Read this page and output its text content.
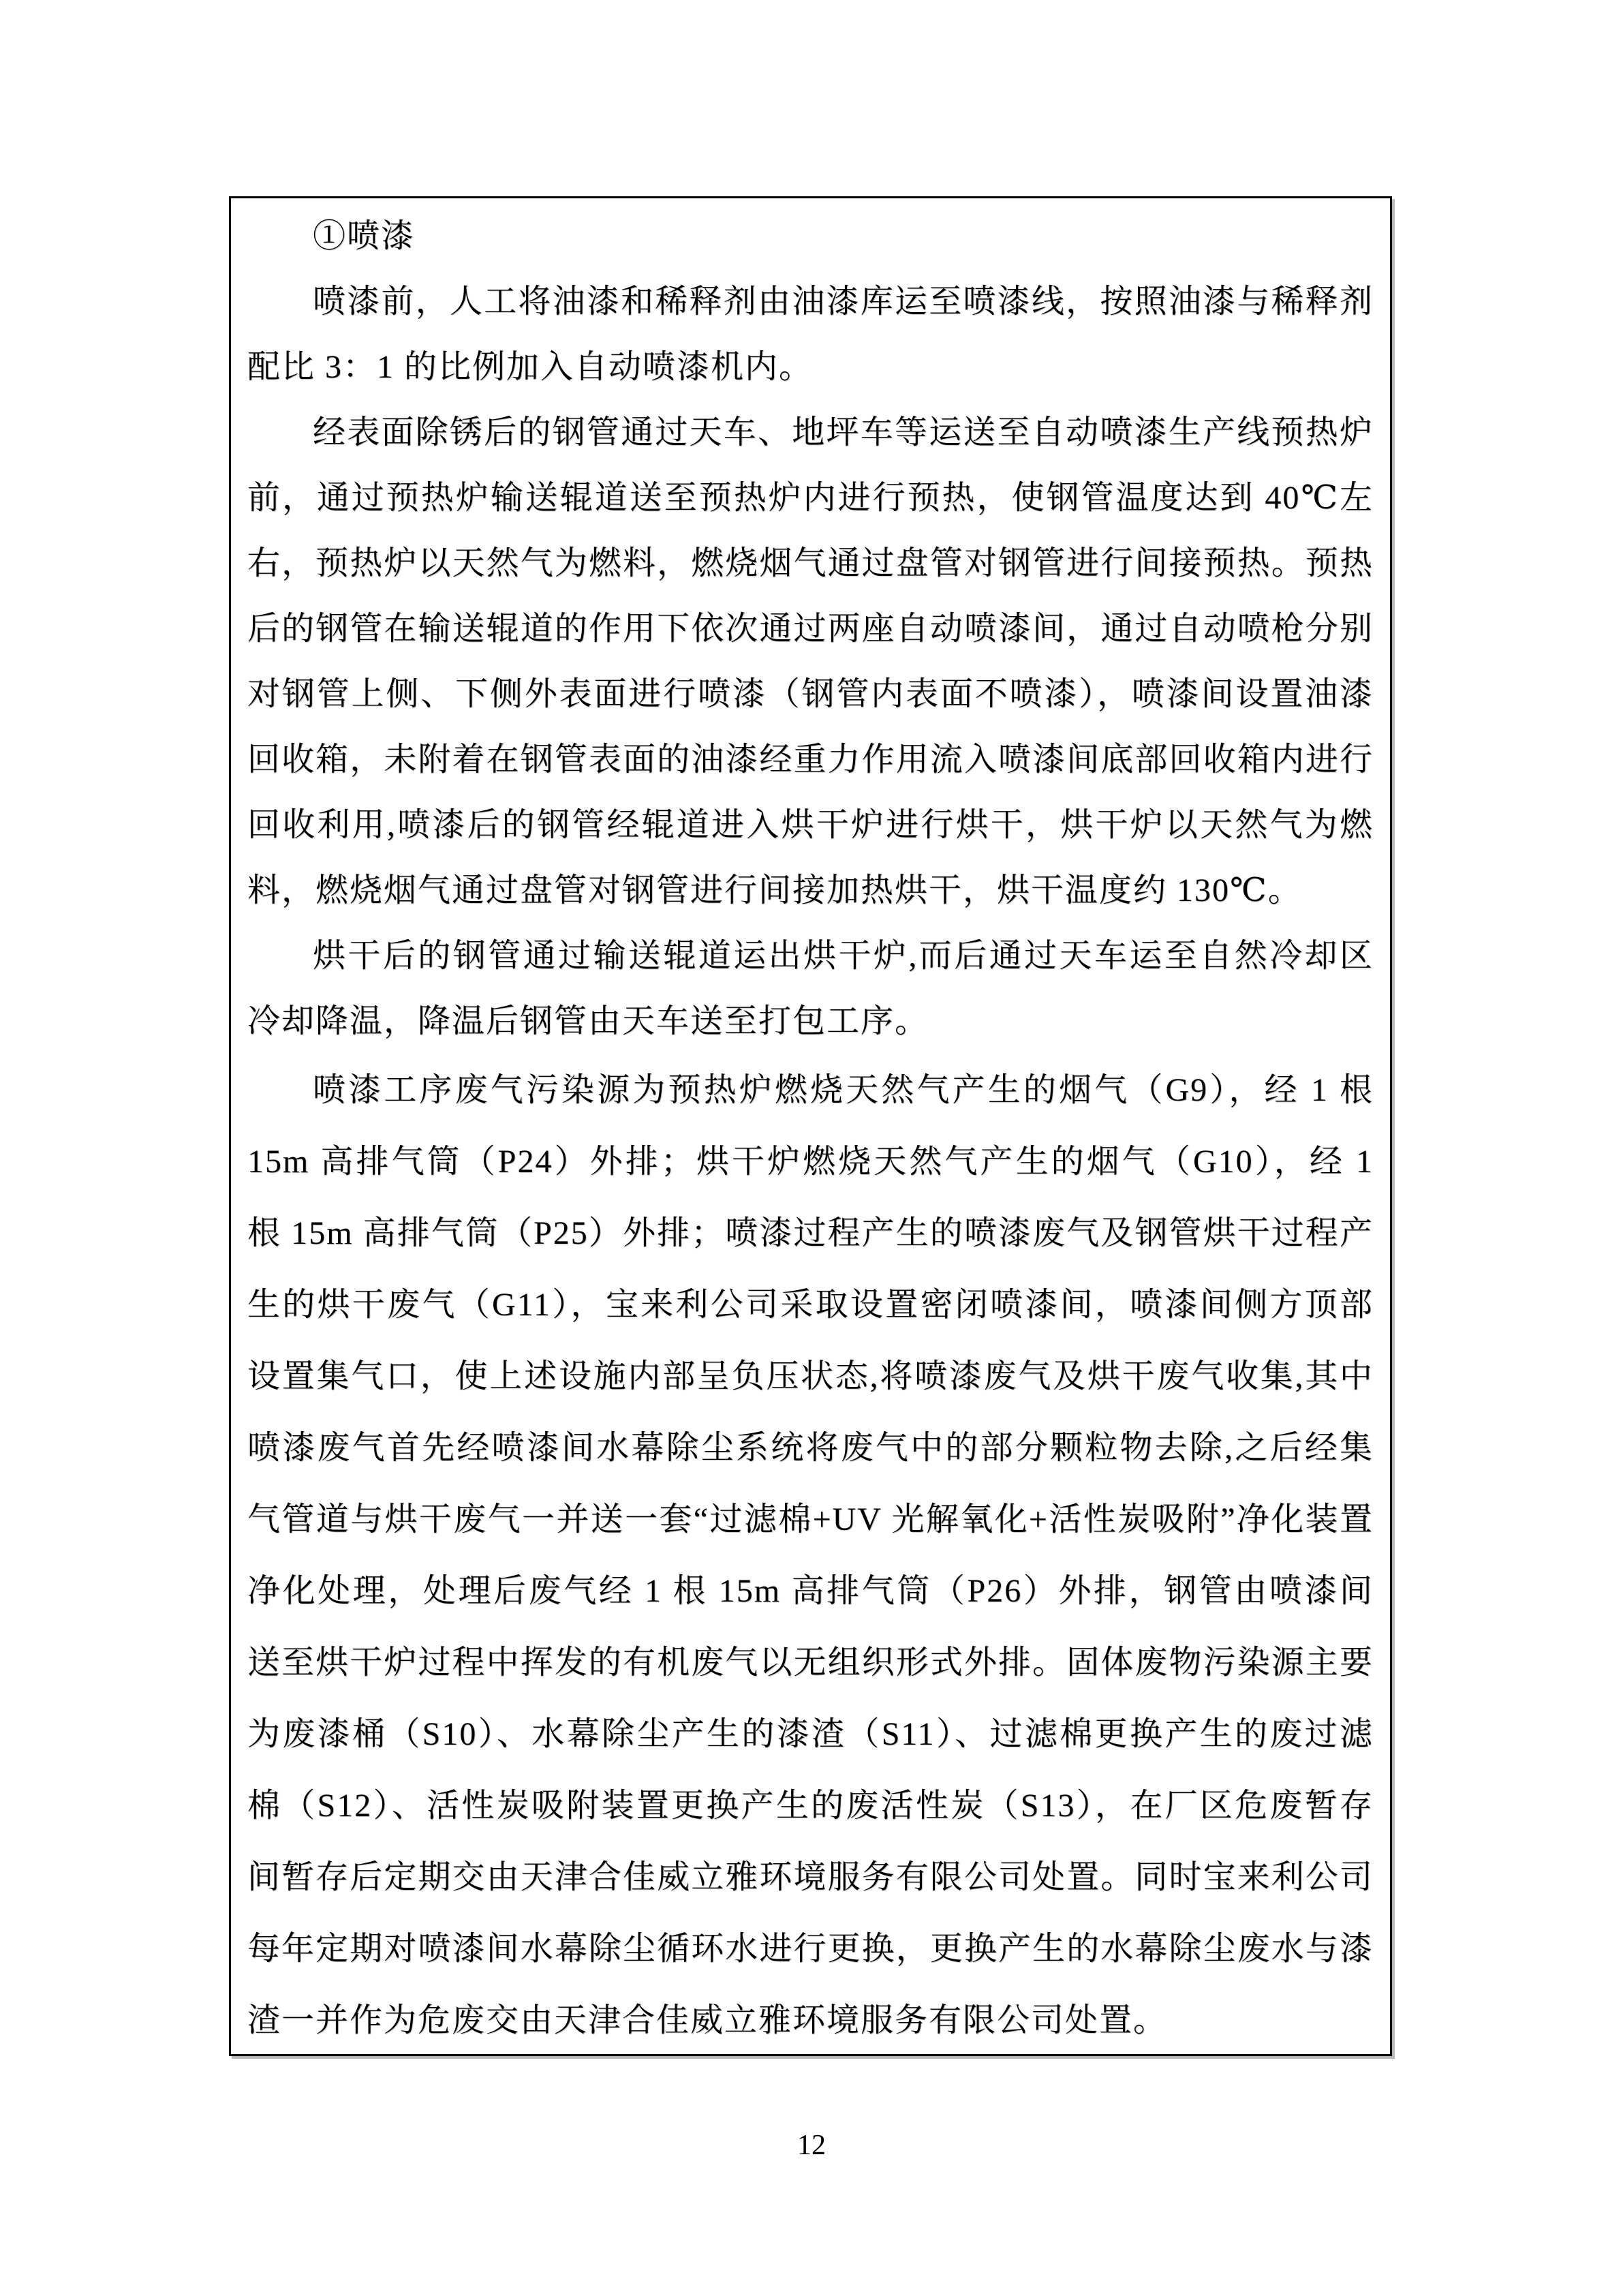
①喷漆

喷漆前，人工将油漆和稀释剂由油漆库运至喷漆线，按照油漆与稀释剂配比 3：1 的比例加入自动喷漆机内。

经表面除锈后的钢管通过天车、地坪车等运送至自动喷漆生产线预热炉前，通过预热炉输送辊道送至预热炉内进行预热，使钢管温度达到 40℃左右，预热炉以天然气为燃料，燃烧烟气通过盘管对钢管进行间接预热。预热后的钢管在输送辊道的作用下依次通过两座自动喷漆间，通过自动喷枪分别对钢管上侧、下侧外表面进行喷漆（钢管内表面不喷漆），喷漆间设置油漆回收箱，未附着在钢管表面的油漆经重力作用流入喷漆间底部回收箱内进行回收利用,喷漆后的钢管经辊道进入烘干炉进行烘干，烘干炉以天然气为燃料，燃烧烟气通过盘管对钢管进行间接加热烘干，烘干温度约 130℃。

烘干后的钢管通过输送辊道运出烘干炉,而后通过天车运至自然冷却区冷却降温，降温后钢管由天车送至打包工序。

喷漆工序废气污染源为预热炉燃烧天然气产生的烟气（G9），经 1 根 15m 高排气筒（P24）外排；烘干炉燃烧天然气产生的烟气（G10），经 1 根 15m 高排气筒（P25）外排；喷漆过程产生的喷漆废气及钢管烘干过程产生的烘干废气（G11），宝来利公司采取设置密闭喷漆间，喷漆间侧方顶部设置集气口，使上述设施内部呈负压状态,将喷漆废气及烘干废气收集,其中喷漆废气首先经喷漆间水幕除尘系统将废气中的部分颗粒物去除,之后经集气管道与烘干废气一并送一套“过滤棉+UV 光解氧化+活性炭吸附”净化装置净化处理，处理后废气经 1 根 15m 高排气筒（P26）外排，钢管由喷漆间送至烘干炉过程中挥发的有机废气以无组织形式外排。固体废物污染源主要为废漆桶（S10）、水幕除尘产生的漆渣（S11）、过滤棉更换产生的废过滤棉（S12）、活性炭吸附装置更换产生的废活性炭（S13），在厂区危废暂存间暂存后定期交由天津合佳威立雅环境服务有限公司处置。同时宝来利公司每年定期对喷漆间水幕除尘循环水进行更换，更换产生的水幕除尘废水与漆渣一并作为危废交由天津合佳威立雅环境服务有限公司处置。

12
